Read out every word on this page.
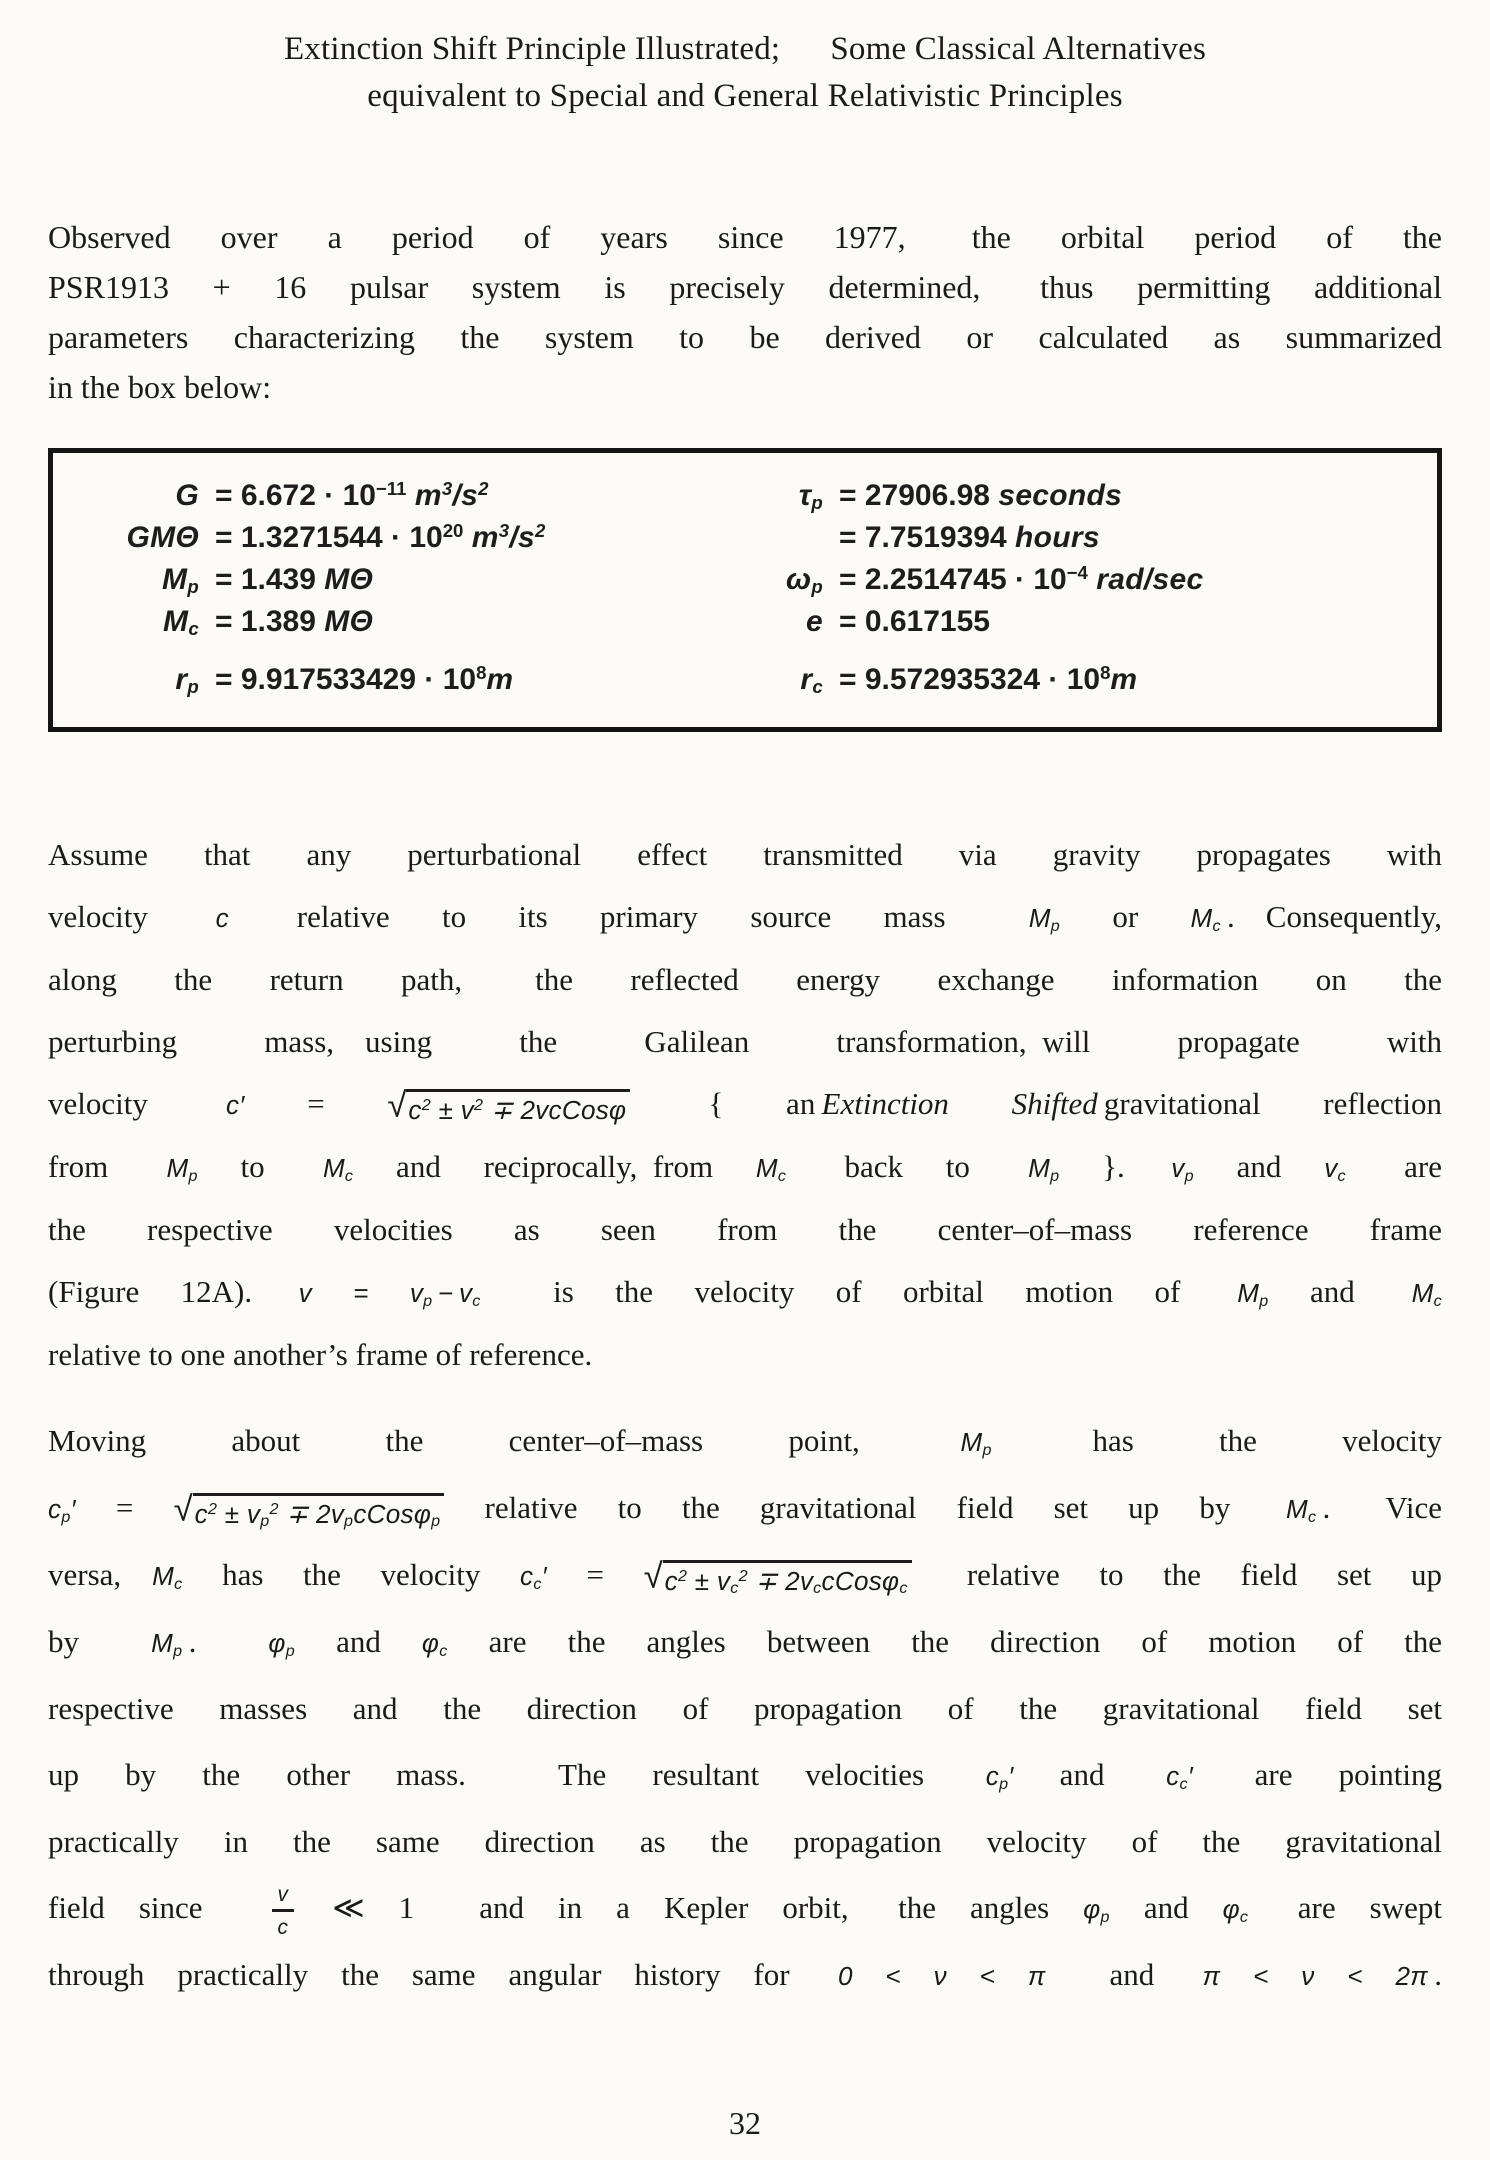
Extinction Shift Principle Illustrated;   Some Classical Alternatives
equivalent to Special and General Relativistic Principles
Observed over a period of years since 1977,  the orbital period of the
PSR1913 + 16 pulsar system is precisely determined,  thus permitting additional
parameters characterizing the system to be derived or calculated as summarized
in the box below:
$G = 6.672 \cdot 10^{-11}$ $m^3/s^2$
$GM\Theta = 1.3271544 \cdot 10^{20}$ $m^3/s^2$
$M_p = 1.439$ MΘ
$M_c = 1.389$ MΘ
$r_p = 9.917533429 \cdot 10^8m$
$\tau_p = 27906.98$ seconds
= 7.7519394 hours
$\omega_p = 2.2514745 \cdot 10^{-4}$ rad/sec
e = 0.617155
$r_c = 9.572935324 \cdot 10^8m$
Assume that any perturbational effect transmitted via gravity propagates with
velocity  c  relative to its primary source mass  $M_p$ or $M_c$ . Consequently,
along the return path,  the reflected energy exchange information on the
perturbing mass, using the Galilean transformation, will propagate with
velocity  c′ = √ $c^2 \pm v^2$ ∓ 2vcCosφ   { an Extinction Shifted gravitational reflection
from  $M_p$ to  $M_c$ and reciprocally, from $M_c$  back to  $M_p$ }.  $v_p$ and $v_c$  are
the respective velocities as seen from the center–of–mass reference frame
(Figure 12A).  $v = v_p - v_c$  is the velocity of orbital motion of  $M_p$ and  $M_c$
relative to one another’s frame of reference.
Moving  about  the  center–of–mass  point,  $M_p$  has  the  velocity
$c_p'$ = √ $c^2 \pm v_p^2$ ∓ $2v_pcCos\varphi_p$ relative to the gravitational field set up by  $M_c$ .  Vice
versa, $M_c$ has the velocity $c_c'$ = √ $c^2 \pm v_c^2$ ∓ $2v_ccCos\varphi_c$   relative to the field set up
by  $M_p$ .  $\varphi_p$ and $\varphi_c$ are the angles between the direction of motion of the
respective masses and the direction of propagation of the gravitational field set
up by the other mass.   The resultant velocities  $c_p'$ and  $c_c'$  are pointing
practically in the same direction as the propagation velocity of the gravitational
field since   $\frac{v}{c}$ ≪ 1  and in a Kepler orbit,  the angles $\varphi_p$ and $\varphi_c$  are swept
through practically the same angular history for  0 < ν < π  and  π < ν < 2π .
32
